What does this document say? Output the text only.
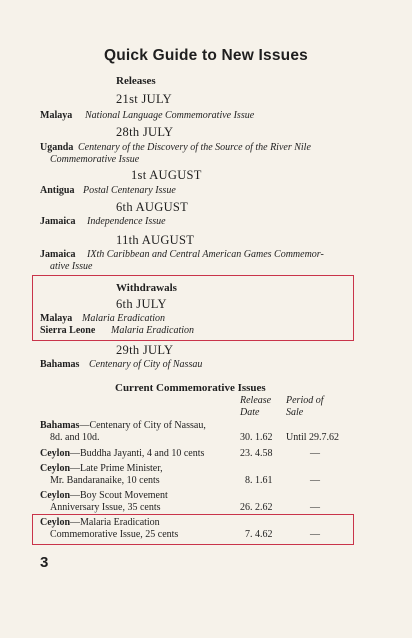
Quick Guide to New Issues
Releases
21st JULY
Malaya National Language Commemorative Issue
28th JULY
Uganda Centenary of the Discovery of the Source of the River Nile
Commemorative Issue
1st AUGUST
Antigua Postal Centenary Issue
6th AUGUST
Jamaica Independence Issue
11th AUGUST
Jamaica IXth Caribbean and Central American Games Commemor-
ative Issue
Withdrawals
6th JULY
Malaya Malaria Eradication
Sierra Leone Malaria Eradication
29th JULY
Bahamas Centenary of City of Nassau
Current Commemorative Issues
Release
Date
Period of
Sale
Bahamas—Centenary of City of Nassau,
8d. and 10d.	30. 1.62 Until 29.7.62
Ceylon—Buddha Jayanti, 4 and 10 cents	23. 4.58	—
Ceylon—Late Prime Minister,
Mr. Bandaranaike, 10 cents	8. 1.61	—
Ceylon—Boy Scout Movement
Anniversary Issue, 35 cents	26. 2.62	—
Ceylon—Malaria Eradication
Commemorative Issue, 25 cents	7. 4.62	—
3
